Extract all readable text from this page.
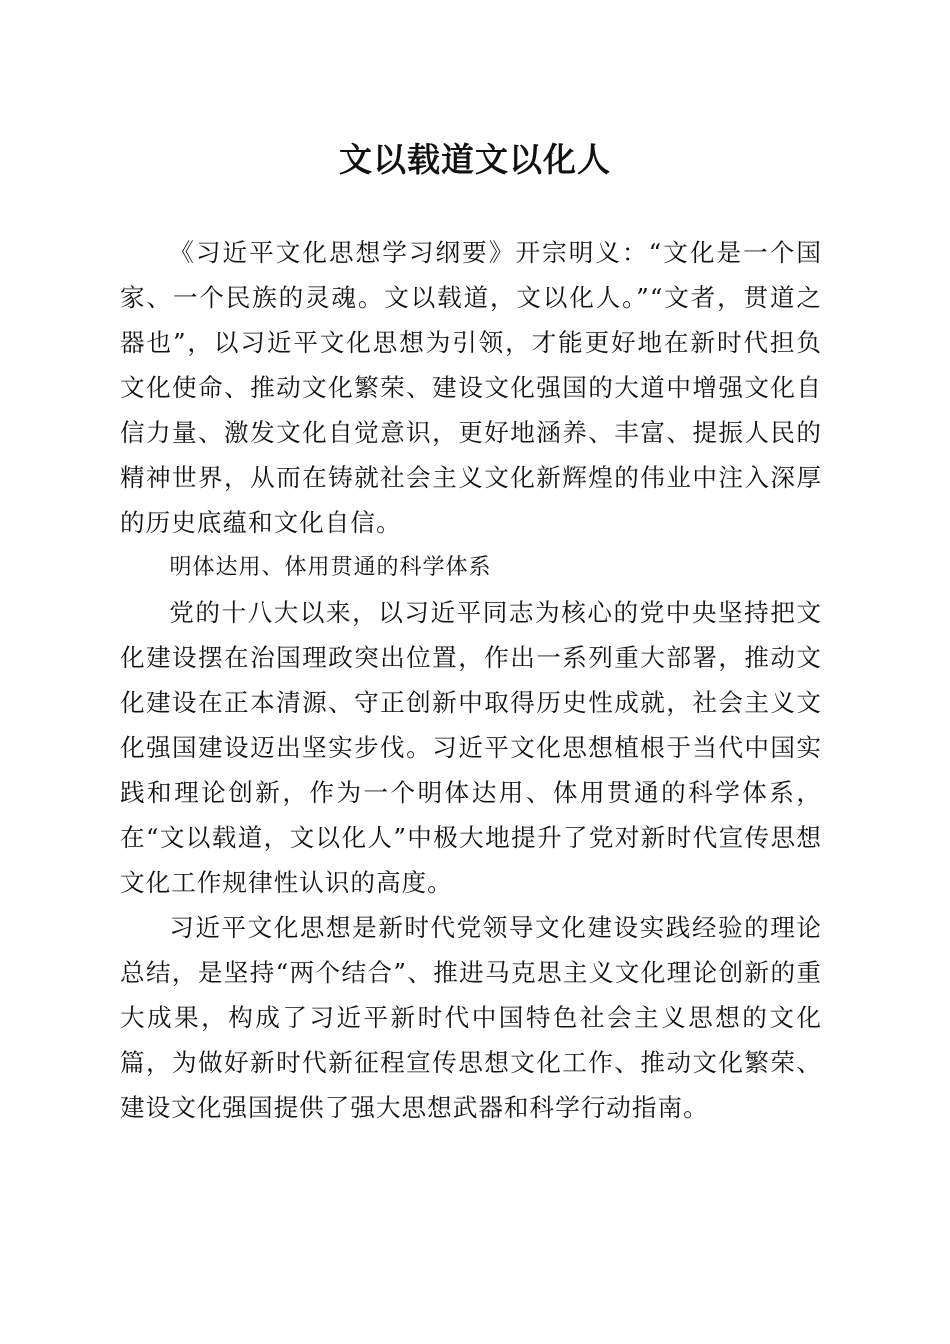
文以载道文以化人

《习近平文化思想学习纲要》开宗明义：“文化是一个国家、一个民族的灵魂。文以载道，文以化人。”“文者，贯道之器也”，以习近平文化思想为引领，才能更好地在新时代担负文化使命、推动文化繁荣、建设文化强国的大道中增强文化自信力量、激发文化自觉意识，更好地涵养、丰富、提振人民的精神世界，从而在铸就社会主义文化新辉煌的伟业中注入深厚的历史底蕴和文化自信。

明体达用、体用贯通的科学体系

党的十八大以来，以习近平同志为核心的党中央坚持把文化建设摆在治国理政突出位置，作出一系列重大部署，推动文化建设在正本清源、守正创新中取得历史性成就，社会主义文化强国建设迈出坚实步伐。习近平文化思想植根于当代中国实践和理论创新，作为一个明体达用、体用贯通的科学体系，在“文以载道，文以化人”中极大地提升了党对新时代宣传思想文化工作规律性认识的高度。

习近平文化思想是新时代党领导文化建设实践经验的理论总结，是坚持“两个结合”、推进马克思主义文化理论创新的重大成果，构成了习近平新时代中国特色社会主义思想的文化篇，为做好新时代新征程宣传思想文化工作、推动文化繁荣、建设文化强国提供了强大思想武器和科学行动指南。
